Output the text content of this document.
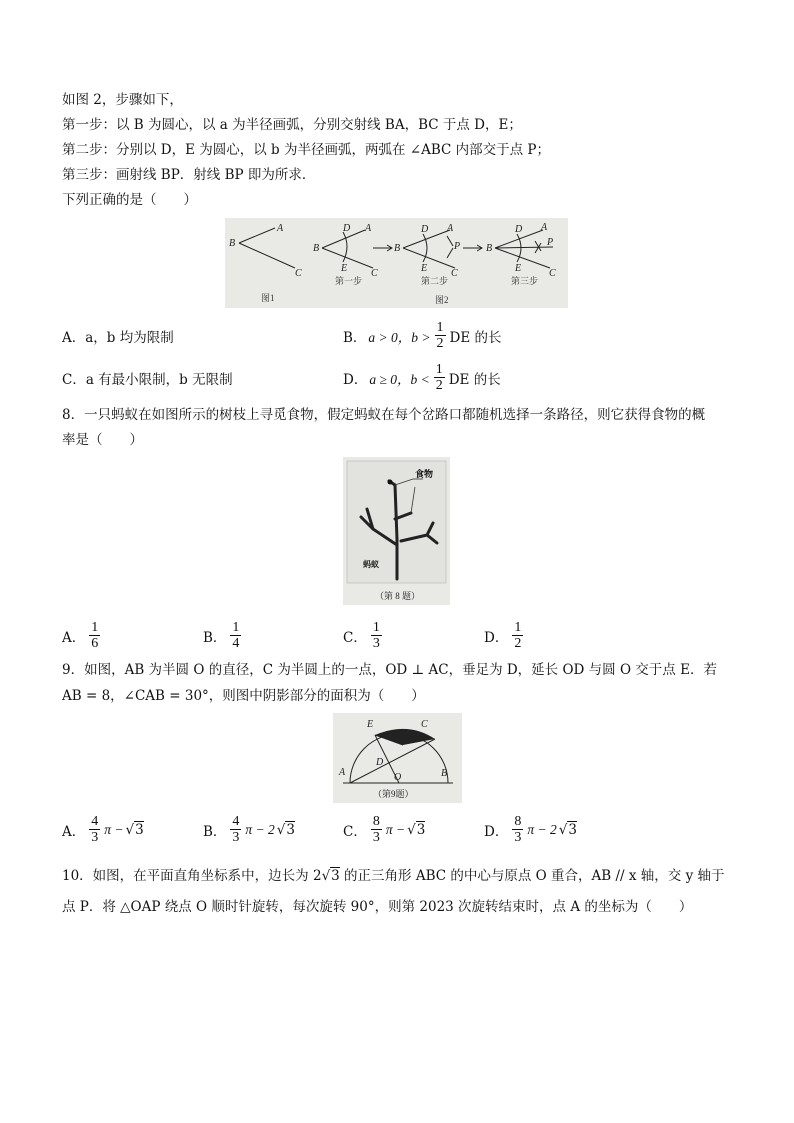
如图 2，步骤如下，
第一步：以 B 为圆心，以 a 为半径画弧，分别交射线 BA，BC 于点 D，E；
第二步：分别以 D，E 为圆心，以 b 为半径画弧，两弧在 ∠ABC 内部交于点 P；
第三步：画射线 BP．射线 BP 即为所求．
下列正确的是（　　）
B
A
C
B
D A
E C
B
D A
P
E C
B
D A
P
E	C
图1	图2
第一步	第二步	第三步
A．a，b 均为限制	B． a > 0，$b > \frac{1}{2}$ DE 的长
C．a 有最小限制，b 无限制	D． a ≥ 0，$b < \frac{1}{2}$ DE 的长
8．一只蚂蚁在如图所示的树枝上寻觅食物，假定蚂蚁在每个岔路口都随机选择一条路径，则它获得食物的概
率是（　　）
食物
蚂蚁
（第 8 题）
A． $\frac{1}{6}$	B． $\frac{1}{4}$	C． $\frac{1}{3}$	D． $\frac{1}{2}$
9．如图，AB 为半圆 O 的直径，C 为半圆上的一点，OD ⊥ AC，垂足为 D，延长 OD 与圆 O 交于点 E．若
AB = 8，∠CAB = 30°，则图中阴影部分的面积为（　　）
A	B
E	C
D
O
（第9题）
A． $\frac{4}{3}$ π − √3	B． $\frac{4}{3}$ π − 2 √3	C． $\frac{8}{3}$ π − √3	D． $\frac{8}{3}$ π − 2 √3
10．如图，在平面直角坐标系中，边长为 2√3 的正三角形 ABC 的中心与原点 O 重合，AB // x 轴，交 y 轴于
点 P．将 △OAP 绕点 O 顺时针旋转，每次旋转 90°，则第 2023 次旋转结束时，点 A 的坐标为（　　）
